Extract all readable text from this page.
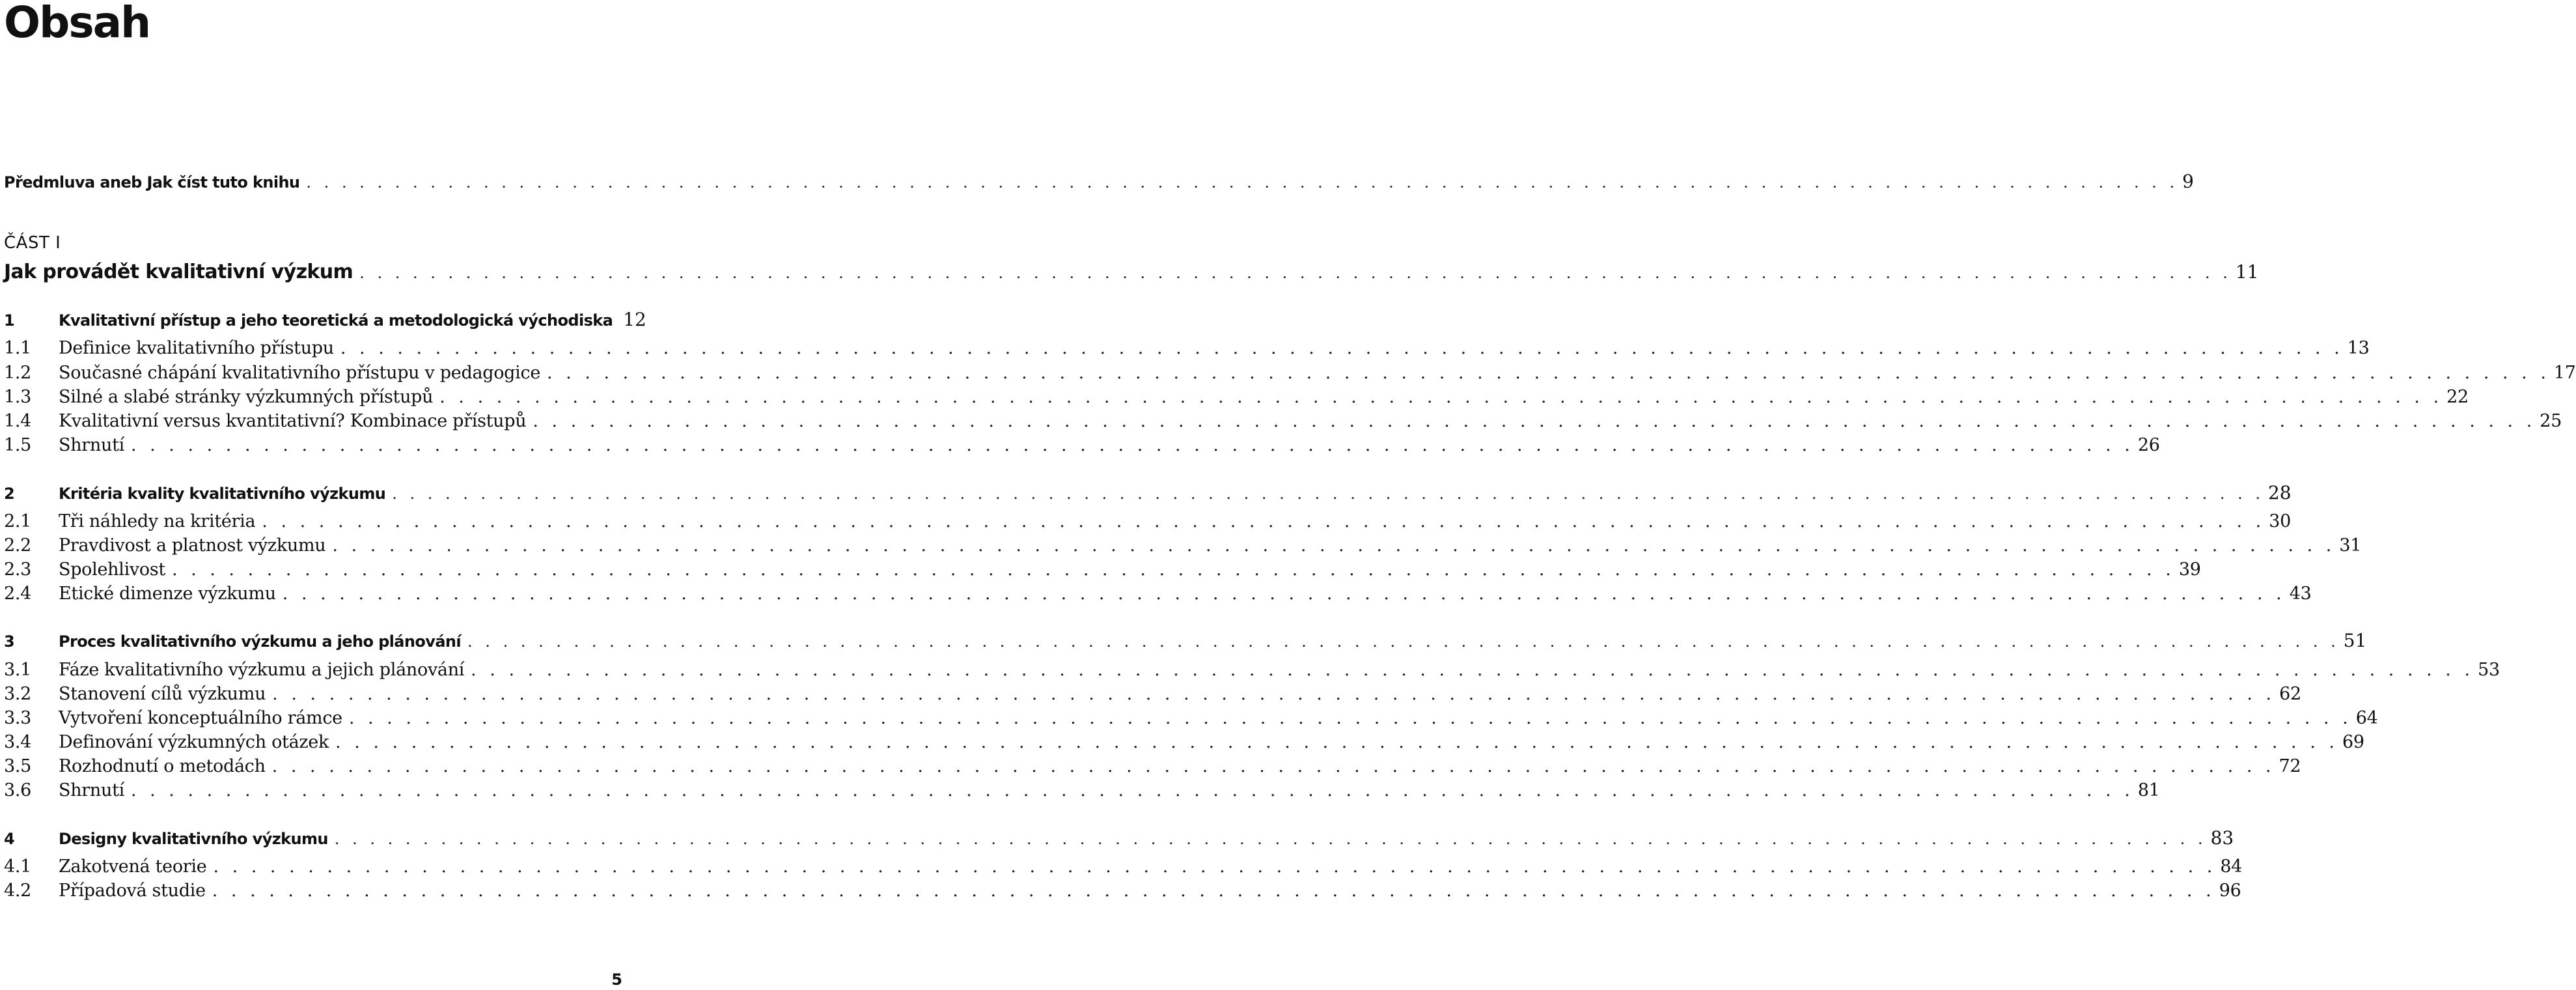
Obsah
Předmluva aneb Jak číst tuto knihu . . .	9
ČÁST I
Jak provádět kvalitativní výzkum . . .	11
1	Kvalitativní přístup a jeho teoretická a metodologická východiska 12
1.1	Definice kvalitativního přístupu . . .	13
1.2	Současné chápání kvalitativního přístupu v pedagogice . . .	17
1.3	Silné a slabé stránky výzkumných přístupů . . .	22
1.4	Kvalitativní versus kvantitativní? Kombinace přístupů . . .	25
1.5	Shrnutí . . .	26
2	Kritéria kvality kvalitativního výzkumu . . .	28
2.1	Tři náhledy na kritéria . . .	30
2.2	Pravdivost a platnost výzkumu . . .	31
2.3	Spolehlivost . . .	39
2.4	Etické dimenze výzkumu . . .	43
3	Proces kvalitativního výzkumu a jeho plánování . . .	51
3.1	Fáze kvalitativního výzkumu a jejich plánování . . .	53
3.2	Stanovení cílů výzkumu . . .	62
3.3	Vytvoření konceptuálního rámce . . .	64
3.4	Definování výzkumných otázek . . .	69
3.5	Rozhodnutí o metodách . . .	72
3.6	Shrnutí . . .	81
4	Designy kvalitativního výzkumu . . .	83
4.1	Zakotvená teorie . . .	84
4.2	Případová studie . . .	96
5
